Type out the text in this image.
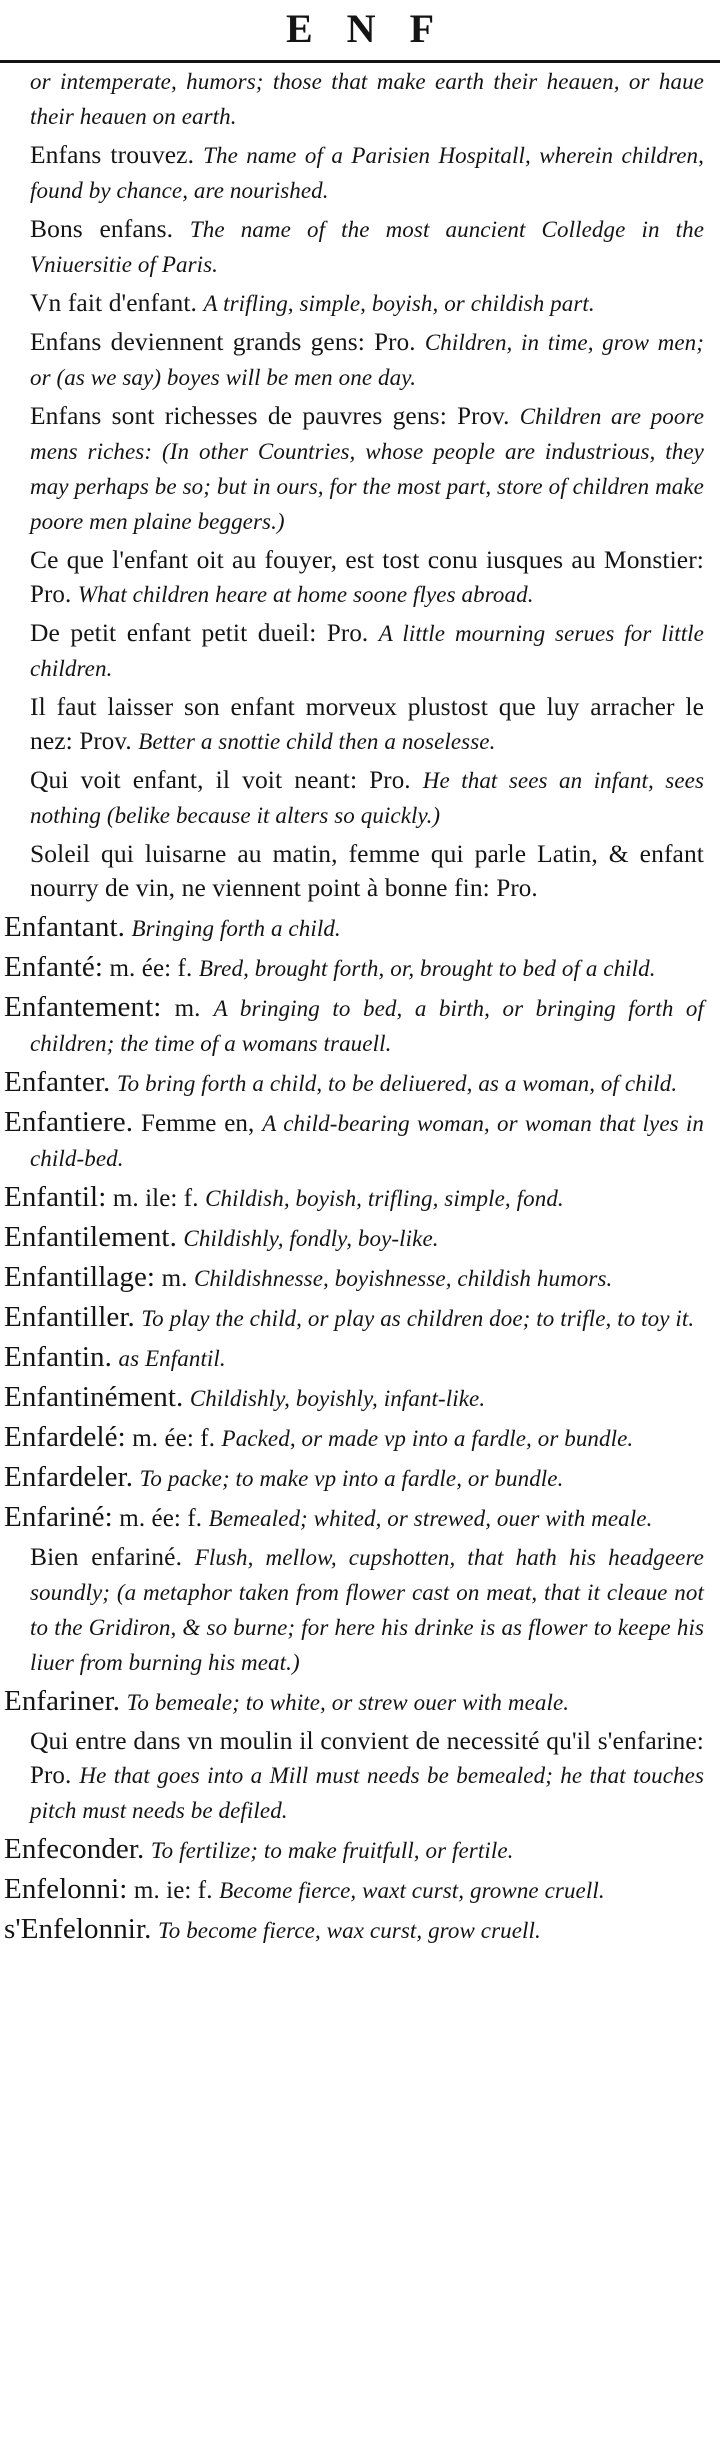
ENF
or intemperate, humors; those that make earth their heauen, or haue their heauen on earth.
Enfans trouvez. The name of a Parisien Hospitall, wherein children, found by chance, are nourished.
Bons enfans. The name of the most auncient Colledge in the Vniuersitie of Paris.
Vn fait d'enfant. A trifling, simple, boyish, or childish part.
Enfans deviennent grands gens: Pro. Children, in time, grow men; or (as we say) boyes will be men one day.
Enfans sont richesses de pauvres gens: Prov. Children are poore mens riches: (In other Countries, whose people are industrious, they may perhaps be so; but in ours, for the most part, store of children make poore men plaine beggers.)
Ce que l'enfant oit au fouyer, est tost conu iusques au Monstier: Pro. What children heare at home soone flyes abroad.
De petit enfant petit dueil: Pro. A little mourning serues for little children.
Il faut laisser son enfant morveux plustost que luy arracher le nez: Prov. Better a snottie child then a noselesse.
Qui voit enfant, il voit neant: Pro. He that sees an infant, sees nothing (belike because it alters so quickly.)
Soleil qui luisarne au matin, femme qui parle Latin, & enfant nourry de vin, ne viennent point à bonne fin: Pro.
Enfantant. Bringing forth a child.
Enfanté: m. ée: f. Bred, brought forth, or, brought to bed of a child.
Enfantement: m. A bringing to bed, a birth, or bringing forth of children; the time of a womans trauell.
Enfanter. To bring forth a child, to be deliuered, as a woman, of child.
Enfantiere. Femme en, A child-bearing woman, or woman that lyes in child-bed.
Enfantil: m. ile: f. Childish, boyish, trifling, simple, fond.
Enfantilement. Childishly, fondly, boy-like.
Enfantillage: m. Childishnesse, boyishnesse, childish humors.
Enfantiller. To play the child, or play as children doe; to trifle, to toy it.
Enfantin. as Enfantil.
Enfantinément. Childishly, boyishly, infant-like.
Enfardelé: m. ée: f. Packed, or made vp into a fardle, or bundle.
Enfardeler. To packe; to make vp into a fardle, or bundle.
Enfariné: m. ée: f. Bemealed; whited, or strewed, ouer with meale.
Bien enfariné. Flush, mellow, cupshotten, that hath his headgeere soundly; (a metaphor taken from flower cast on meat, that it cleaue not to the Gridiron, & so burne; for here his drinke is as flower to keepe his liuer from burning his meat.)
Enfariner. To bemeale; to white, or strew ouer with meale.
Qui entre dans vn moulin il convient de necessité qu'il s'enfarine: Pro. He that goes into a Mill must needs be bemealed; he that touches pitch must needs be defiled.
Enfeconder. To fertilize; to make fruitfull, or fertile.
Enfelonni: m. ie: f. Become fierce, waxt curst, growne cruell.
s'Enfelonnir. To become fierce, wax curst, grow cruell.
